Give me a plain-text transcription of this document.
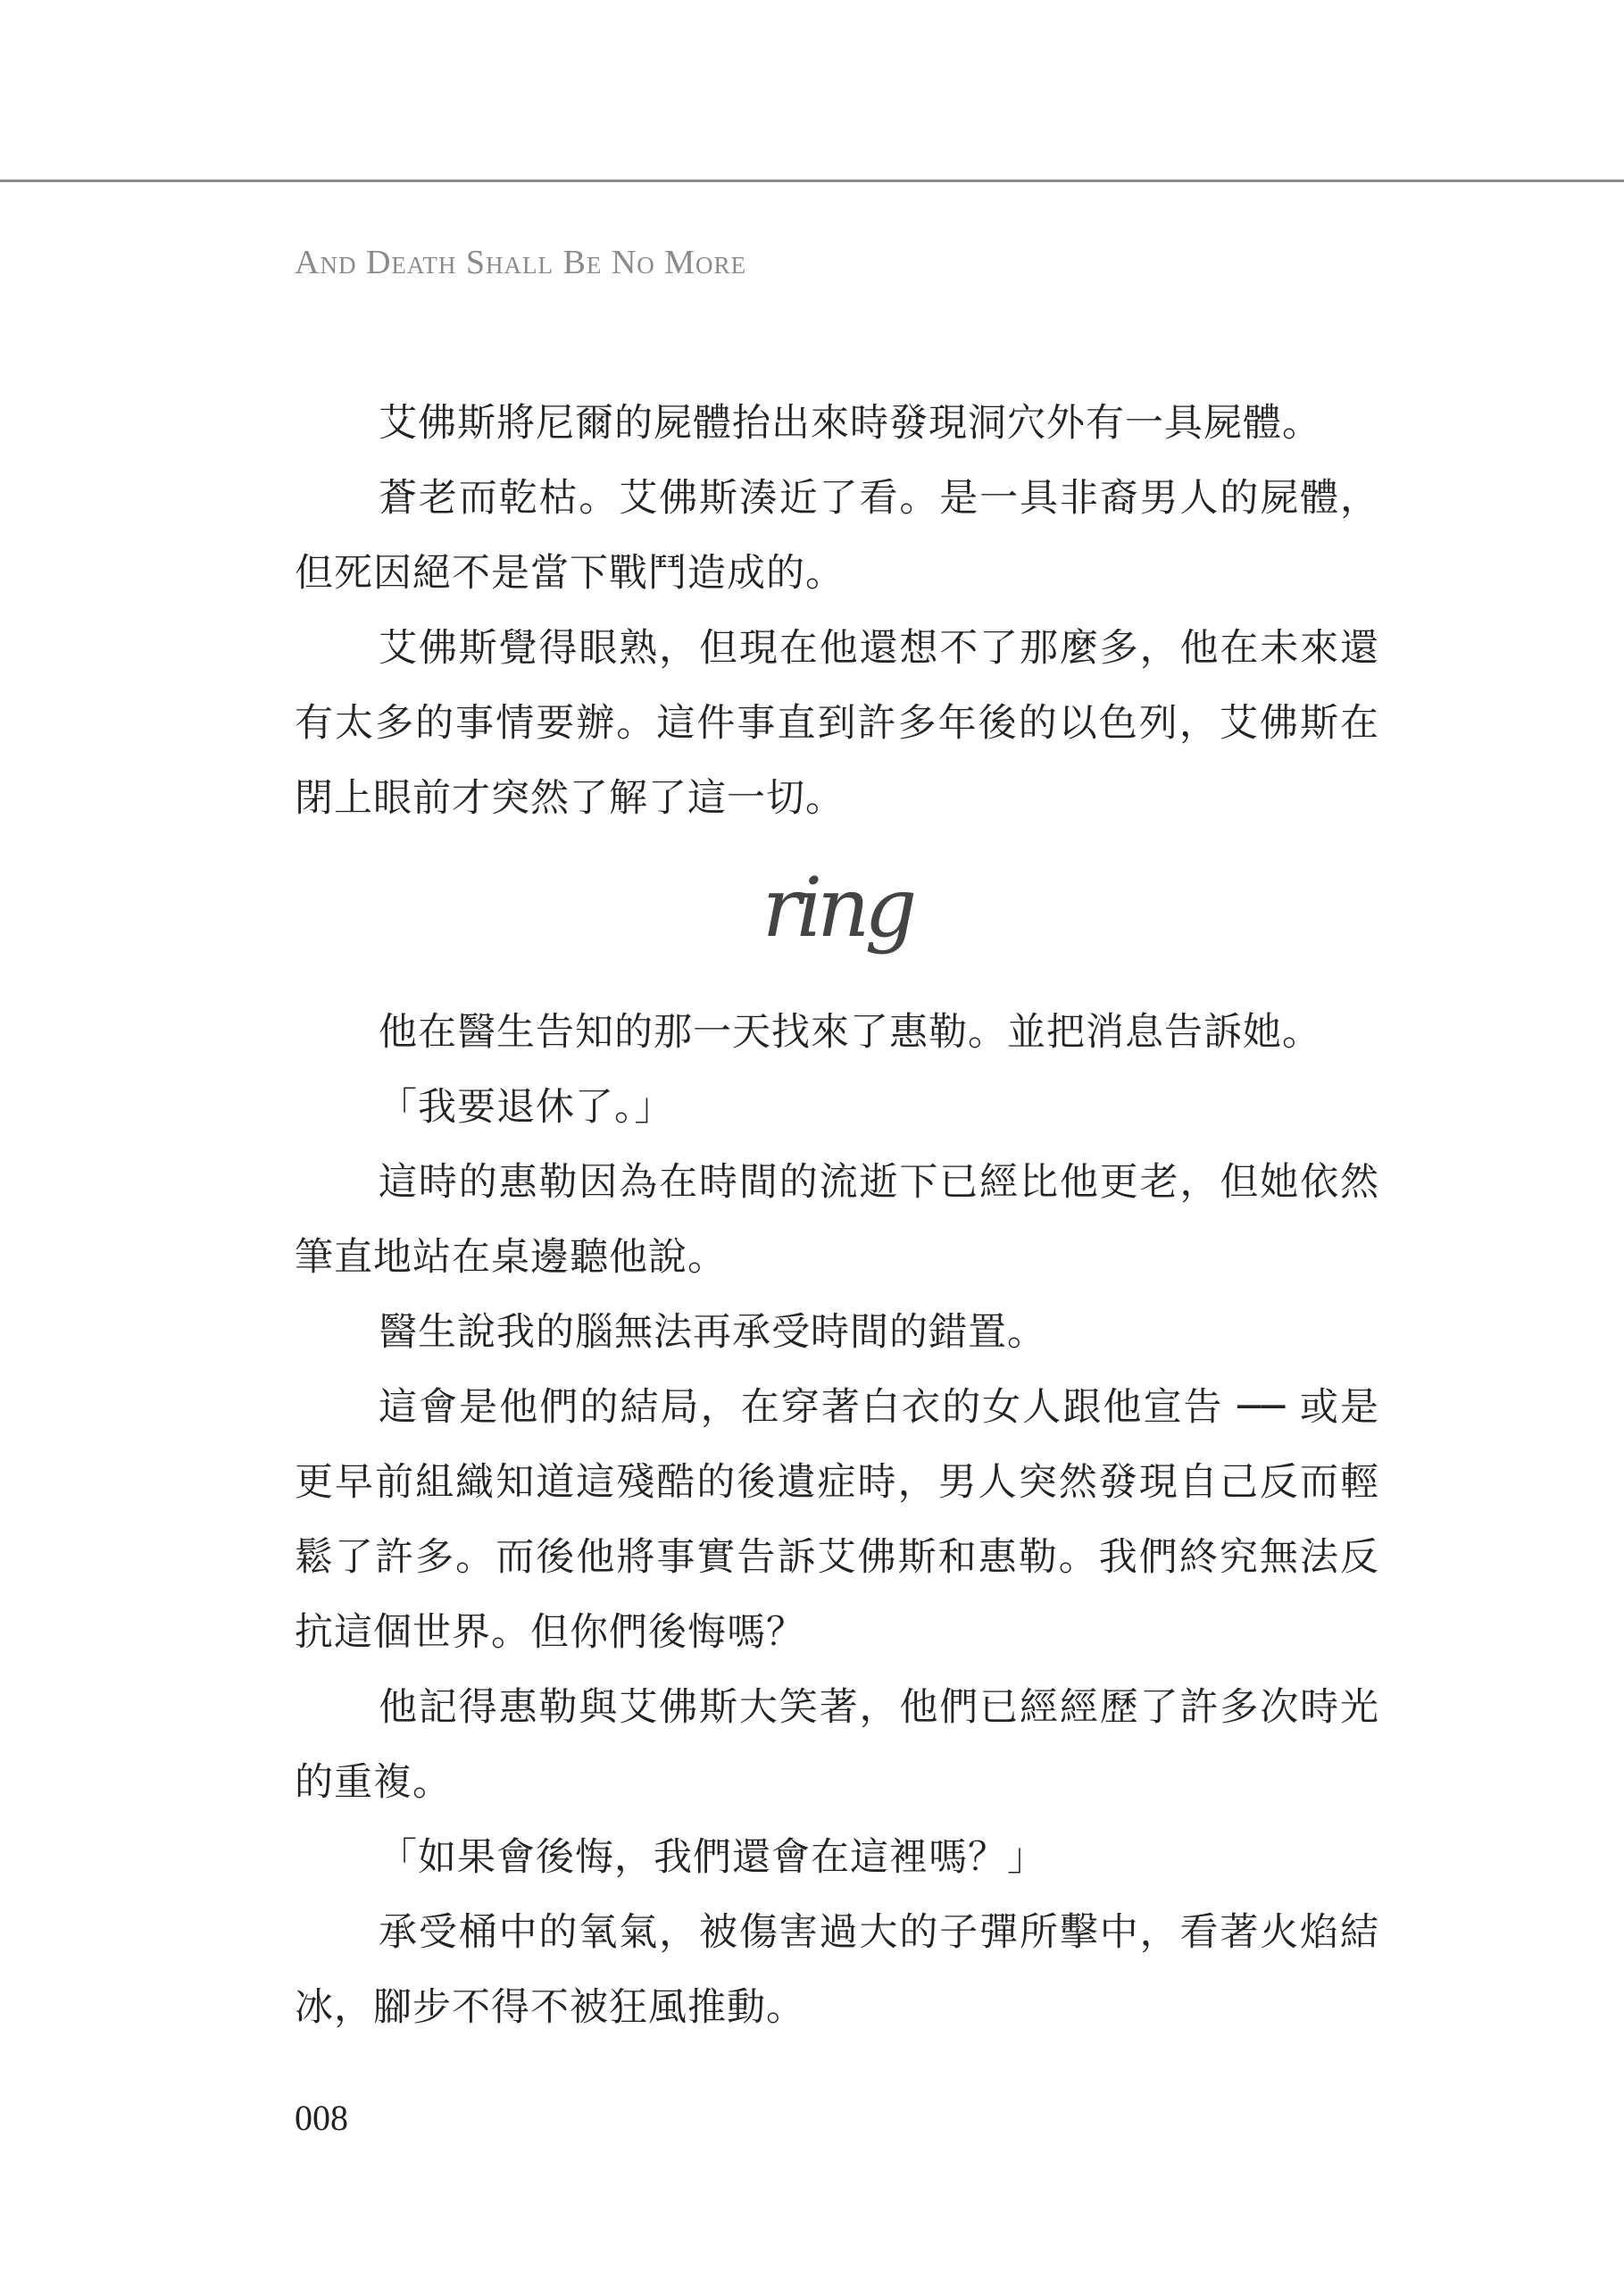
And Death Shall Be No More

艾佛斯將尼爾的屍體抬出來時發現洞穴外有一具屍體。

蒼老而乾枯。艾佛斯湊近了看。是一具非裔男人的屍體，但死因絕不是當下戰鬥造成的。

艾佛斯覺得眼熟，但現在他還想不了那麼多，他在未來還有太多的事情要辦。這件事直到許多年後的以色列，艾佛斯在閉上眼前才突然了解了這一切。

ring

他在醫生告知的那一天找來了惠勒。並把消息告訴她。

「我要退休了。」

這時的惠勒因為在時間的流逝下已經比他更老，但她依然筆直地站在桌邊聽他說。

醫生說我的腦無法再承受時間的錯置。

這會是他們的結局，在穿著白衣的女人跟他宣告 ── 或是更早前組織知道這殘酷的後遺症時，男人突然發現自己反而輕鬆了許多。而後他將事實告訴艾佛斯和惠勒。我們終究無法反抗這個世界。但你們後悔嗎？

他記得惠勒與艾佛斯大笑著，他們已經經歷了許多次時光的重複。

「如果會後悔，我們還會在這裡嗎？」

承受桶中的氧氣，被傷害過大的子彈所擊中，看著火焰結冰，腳步不得不被狂風推動。

008
